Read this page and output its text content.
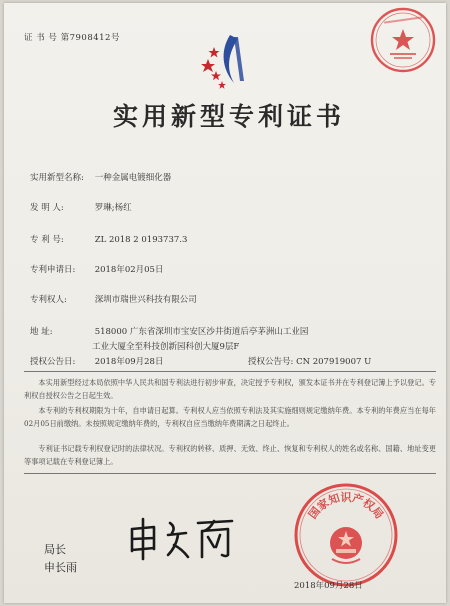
证 书 号 第7908412号
实用新型专利证书
实用新型名称: 一种金属电镀细化器
发 明 人:	罗琳;杨红
专 利 号:	ZL 2018 2 0193737.3
专利申请日: 2018年02月05日
专利权人:	深圳市瑞世兴科技有限公司
地 址:	518000 广东省深圳市宝安区沙井街道后亭茅洲山工业园
工业大厦全至科技创新园科创大厦9层F
授权公告日: 2018年09月28日	授权公告号: CN 207919007 U

本实用新型经过本局依照中华人民共和国专利法进行初步审查，决定授予专利权，颁发本证书并在专利登记簿上予以登记。专利权自授权公告之日起生效。

本专利的专利权期限为十年，自申请日起算。专利权人应当依照专利法及其实施细则规定缴纳年费。本专利的年费应当在每年02月05日前缴纳。未按照规定缴纳年费的，专利权自应当缴纳年费期满之日起终止。

专利证书记载专利权登记时的法律状况。专利权的转移、质押、无效、终止、恢复和专利权人的姓名或名称、国籍、地址变更等事项记载在专利登记簿上。

局长
申长雨
国家知识产权局
2018年09月28日
